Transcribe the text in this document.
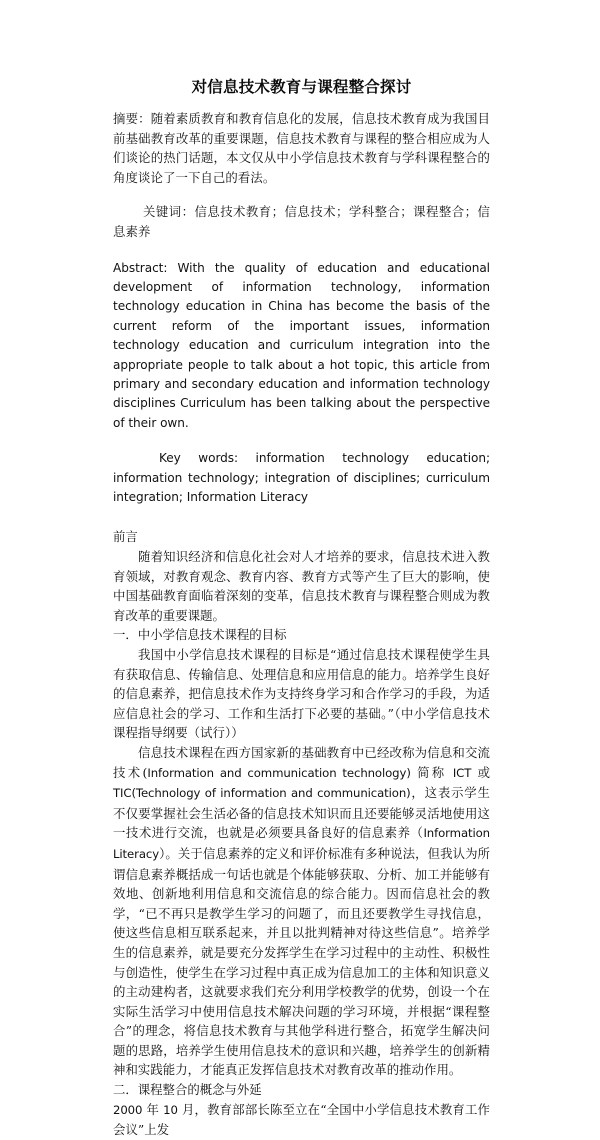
对信息技术教育与课程整合探讨

摘要：随着素质教育和教育信息化的发展，信息技术教育成为我国目前基础教育改革的重要课题，信息技术教育与课程的整合相应成为人们谈论的热门话题，本文仅从中小学信息技术教育与学科课程整合的角度谈论了一下自己的看法。

关键词：信息技术教育；信息技术；学科整合；课程整合；信息素养

Abstract: With the quality of education and educational development of information technology, information technology education in China has become the basis of the current reform of the important issues, information technology education and curriculum integration into the appropriate people to talk about a hot topic, this article from primary and secondary education and information technology disciplines Curriculum has been talking about the perspective of their own.

Key words: information technology education; information technology; integration of disciplines; curriculum integration; Information Literacy

前言

随着知识经济和信息化社会对人才培养的要求，信息技术进入教育领域，对教育观念、教育内容、教育方式等产生了巨大的影响，使中国基础教育面临着深刻的变革，信息技术教育与课程整合则成为教育改革的重要课题。

一．中小学信息技术课程的目标

我国中小学信息技术课程的目标是“通过信息技术课程使学生具有获取信息、传输信息、处理信息和应用信息的能力。培养学生良好的信息素养，把信息技术作为支持终身学习和合作学习的手段，为适应信息社会的学习、工作和生活打下必要的基础。”（中小学信息技术课程指导纲要（试行））

信息技术课程在西方国家新的基础教育中已经改称为信息和交流技术(Information and communication technology) 简称 ICT 或 TIC(Technology of information and communication)，这表示学生不仅要掌握社会生活必备的信息技术知识而且还要能够灵活地使用这一技术进行交流，也就是必须要具备良好的信息素养（Information Literacy）。关于信息素养的定义和评价标准有多种说法，但我认为所谓信息素养概括成一句话也就是个体能够获取、分析、加工并能够有效地、创新地利用信息和交流信息的综合能力。因而信息社会的教学，“已不再只是教学生学习的问题了，而且还要教学生寻找信息，使这些信息相互联系起来，并且以批判精神对待这些信息”。培养学生的信息素养，就是要充分发挥学生在学习过程中的主动性、积极性与创造性，使学生在学习过程中真正成为信息加工的主体和知识意义的主动建构者，这就要求我们充分利用学校教学的优势，创设一个在实际生活学习中使用信息技术解决问题的学习环境，并根据“课程整合”的理念，将信息技术教育与其他学科进行整合，拓宽学生解决问题的思路，培养学生使用信息技术的意识和兴趣，培养学生的创新精神和实践能力，才能真正发挥信息技术对教育改革的推动作用。

二．课程整合的概念与外延

2000 年 10 月，教育部部长陈至立在“全国中小学信息技术教育工作会议”上发
